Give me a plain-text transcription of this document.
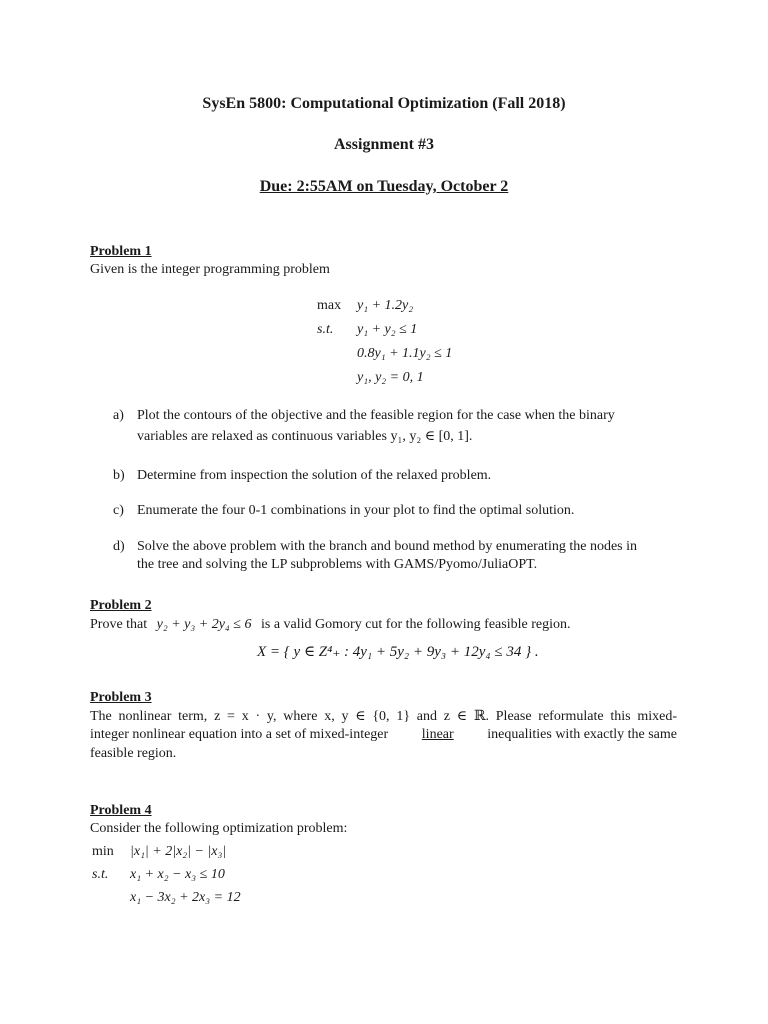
SysEn 5800: Computational Optimization (Fall 2018)
Assignment #3
Due: 2:55AM on Tuesday, October 2
Problem 1
Given is the integer programming problem
max y₁ + 1.2y₂
s.t. y₁ + y₂ ≤ 1
0.8y₁ + 1.1y₂ ≤ 1
y₁, y₂ = 0, 1
a) Plot the contours of the objective and the feasible region for the case when the binary
variables are relaxed as continuous variables y₁, y₂ ∈ [0, 1].
b) Determine from inspection the solution of the relaxed problem.
c) Enumerate the four 0-1 combinations in your plot to find the optimal solution.
d) Solve the above problem with the branch and bound method by enumerating the nodes in
the tree and solving the LP subproblems with GAMS/Pyomo/JuliaOPT.
Problem 2
Prove that y₂ + y₃ + 2y₄ ≤ 6 is a valid Gomory cut for the following feasible region.
X = { y ∈ Z⁴₊ : 4y₁ + 5y₂ + 9y₃ + 12y₄ ≤ 34 } .
Problem 3
The nonlinear term, z = x · y, where x, y ∈ {0, 1} and z ∈ ℝ. Please reformulate this mixed-
integer nonlinear equation into a set of mixed-integer linear inequalities with exactly the same
feasible region.
Problem 4
Consider the following optimization problem:
min |x₁| + 2|x₂| − |x₃|
s.t. x₁ + x₂ − x₃ ≤ 10
x₁ − 3x₂ + 2x₃ = 12
